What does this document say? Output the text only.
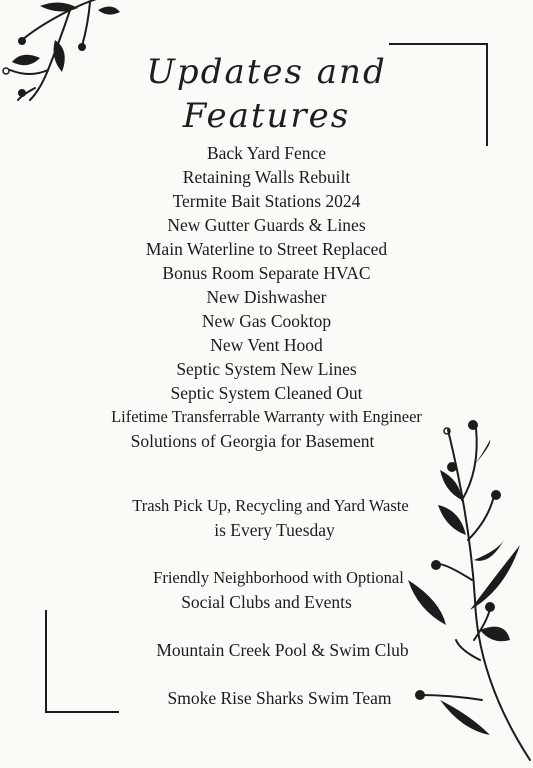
Updates and
Features
Back Yard Fence
Retaining Walls Rebuilt
Termite Bait Stations 2024
New Gutter Guards & Lines
Main Waterline to Street Replaced
Bonus Room Separate HVAC
New Dishwasher
New Gas Cooktop
New Vent Hood
Septic System New Lines
Septic System Cleaned Out
Lifetime Transferrable Warranty with Engineer
Solutions of Georgia for Basement
Trash Pick Up, Recycling and Yard Waste
is Every Tuesday
Friendly Neighborhood with Optional
Social Clubs and Events
Mountain Creek Pool & Swim Club
Smoke Rise Sharks Swim Team
